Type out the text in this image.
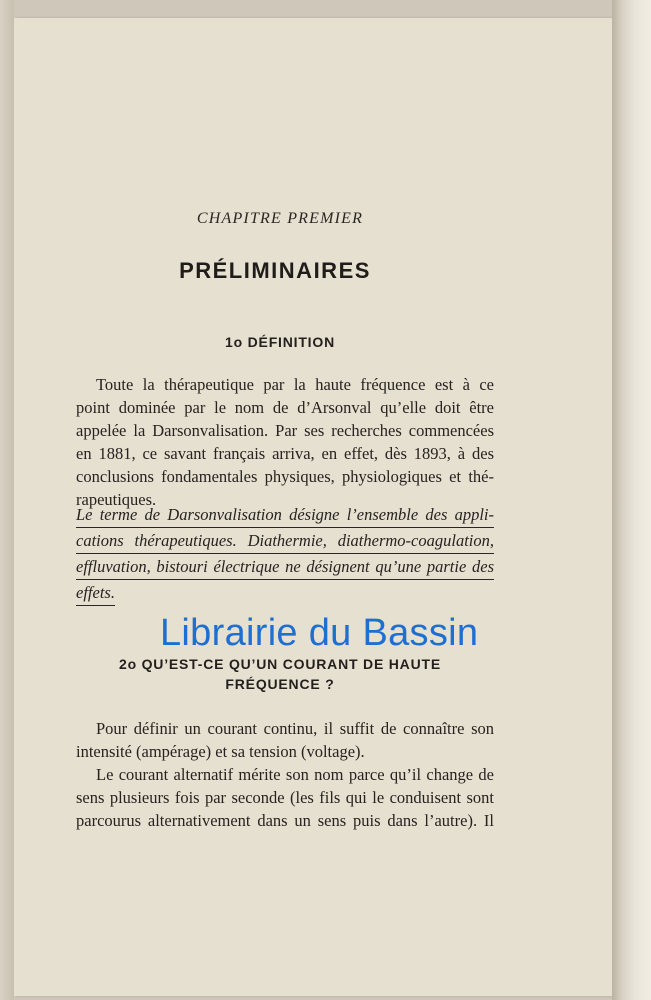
CHAPITRE PREMIER
PRÉLIMINAIRES
1o DÉFINITION
Toute la thérapeutique par la haute fréquence est à ce
point dominée par le nom de d’Arsonval qu’elle doit être
appelée la Darsonvalisation. Par ses recherches commencées
en 1881, ce savant français arriva, en effet, dès 1893, à des
conclusions fondamentales physiques, physiologiques et thé-
rapeutiques.
Le terme de Darsonvalisation désigne l’ensemble des appli-
cations thérapeutiques. Diathermie, diathermo-coagulation,
effluvation, bistouri électrique ne désignent qu’une partie des
effets.
2o QU’EST-CE QU’UN COURANT DE HAUTE
FRÉQUENCE ?
Pour définir un courant continu, il suffit de connaître son
intensité (ampérage) et sa tension (voltage).
Le courant alternatif mérite son nom parce qu’il change de
sens plusieurs fois par seconde (les fils qui le conduisent sont
parcourus alternativement dans un sens puis dans l’autre). Il
Librairie du Bassin
